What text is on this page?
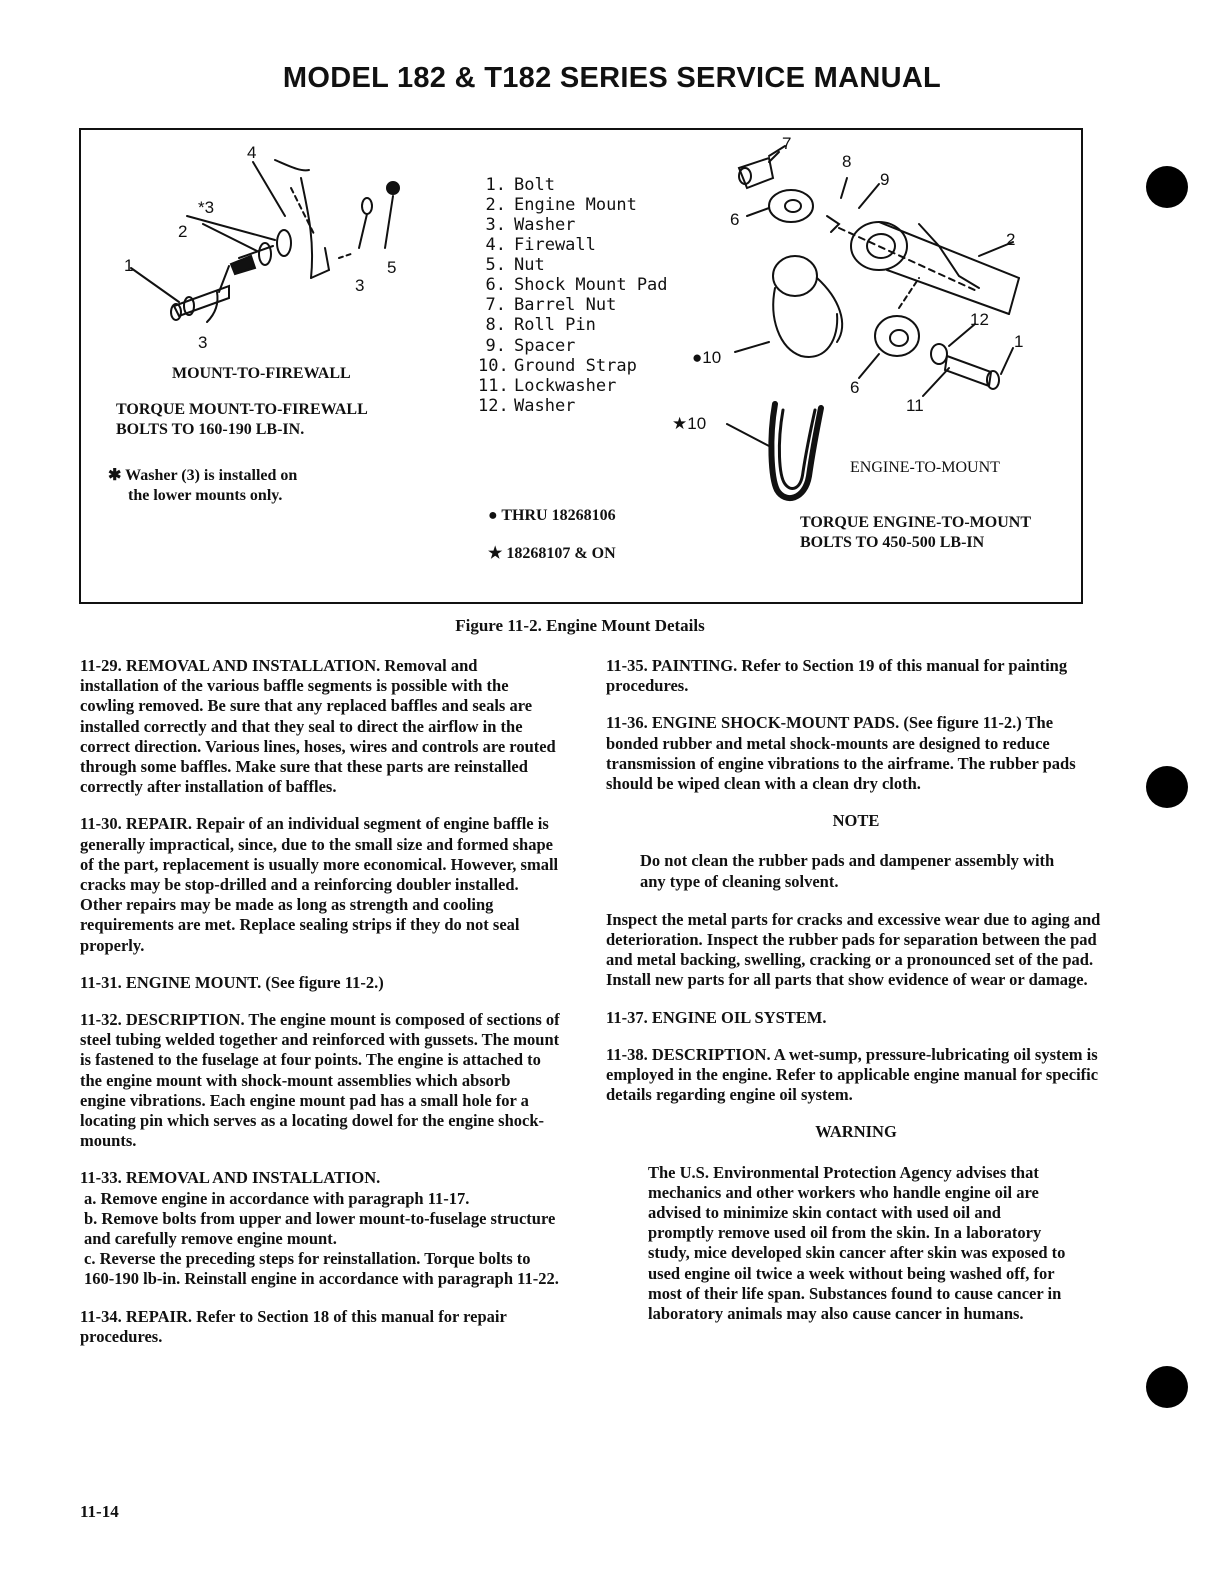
MODEL 182 & T182 SERIES SERVICE MANUAL
4
*3
2
1
3
3
5
7
8
9
6
2
12
1
6
11
●10
★10
1. Bolt
2. Engine Mount
3. Washer
4. Firewall
5. Nut
6. Shock Mount Pad
7. Barrel Nut
8. Roll Pin
9. Spacer
10. Ground Strap
11. Lockwasher
12. Washer
MOUNT-TO-FIREWALL
TORQUE MOUNT-TO-FIREWALL
BOLTS TO 160-190 LB-IN.
✱ Washer (3) is installed on
the lower mounts only.
● THRU 18268106
★ 18268107 & ON
ENGINE-TO-MOUNT
TORQUE ENGINE-TO-MOUNT
BOLTS TO 450-500 LB-IN
Figure 11-2. Engine Mount Details

11-29. REMOVAL AND INSTALLATION. Removal and installation of the various baffle segments is possible with the cowling removed. Be sure that any replaced baffles and seals are installed correctly and that they seal to direct the airflow in the correct direction. Various lines, hoses, wires and controls are routed through some baffles. Make sure that these parts are reinstalled correctly after installation of baffles.

11-30. REPAIR. Repair of an individual segment of engine baffle is generally impractical, since, due to the small size and formed shape of the part, replacement is usually more economical. However, small cracks may be stop-drilled and a reinforcing doubler installed. Other repairs may be made as long as strength and cooling requirements are met. Replace sealing strips if they do not seal properly.

11-31. ENGINE MOUNT. (See figure 11-2.)

11-32. DESCRIPTION. The engine mount is composed of sections of steel tubing welded together and reinforced with gussets. The mount is fastened to the fuselage at four points. The engine is attached to the engine mount with shock-mount assemblies which absorb engine vibrations. Each engine mount pad has a small hole for a locating pin which serves as a locating dowel for the engine shock-mounts.

11-33. REMOVAL AND INSTALLATION.
a. Remove engine in accordance with paragraph 11-17.
b. Remove bolts from upper and lower mount-to-fuselage structure and carefully remove engine mount.
c. Reverse the preceding steps for reinstallation. Torque bolts to 160-190 lb-in. Reinstall engine in accordance with paragraph 11-22.

11-34. REPAIR. Refer to Section 18 of this manual for repair procedures.

11-35. PAINTING. Refer to Section 19 of this manual for painting procedures.

11-36. ENGINE SHOCK-MOUNT PADS. (See figure 11-2.) The bonded rubber and metal shock-mounts are designed to reduce transmission of engine vibrations to the airframe. The rubber pads should be wiped clean with a clean dry cloth.

NOTE

Do not clean the rubber pads and dampener assembly with any type of cleaning solvent.

Inspect the metal parts for cracks and excessive wear due to aging and deterioration. Inspect the rubber pads for separation between the pad and metal backing, swelling, cracking or a pronounced set of the pad. Install new parts for all parts that show evidence of wear or damage.

11-37. ENGINE OIL SYSTEM.

11-38. DESCRIPTION. A wet-sump, pressure-lubricating oil system is employed in the engine. Refer to applicable engine manual for specific details regarding engine oil system.

WARNING

The U.S. Environmental Protection Agency advises that mechanics and other workers who handle engine oil are advised to minimize skin contact with used oil and promptly remove used oil from the skin. In a laboratory study, mice developed skin cancer after skin was exposed to used engine oil twice a week without being washed off, for most of their life span. Substances found to cause cancer in laboratory animals may also cause cancer in humans.

11-14
